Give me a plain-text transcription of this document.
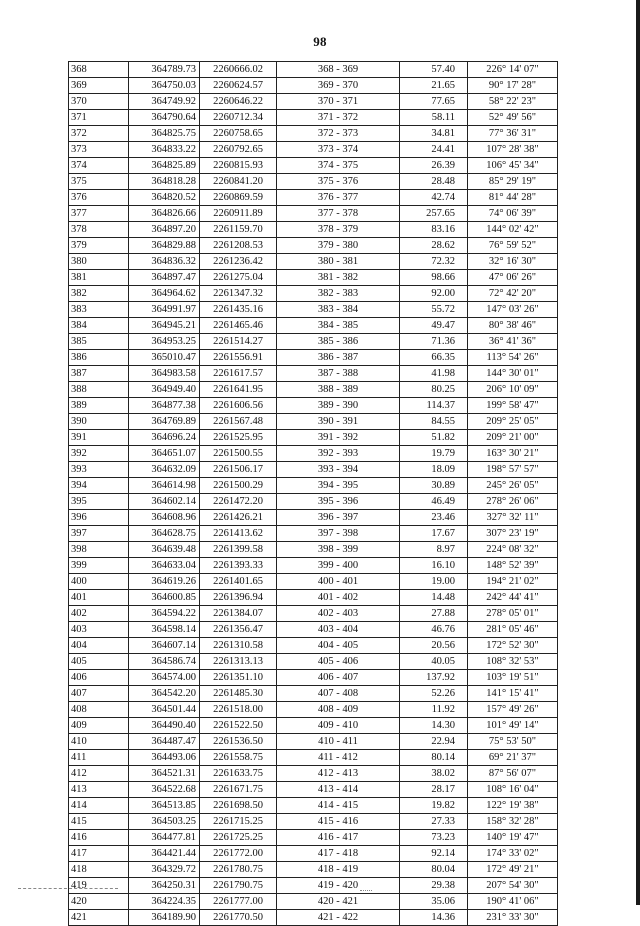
98
368	364789.73	2260666.02	368 - 369	57.40	226° 14' 07"
369	364750.03	2260624.57	369 - 370	21.65	90° 17' 28"
370	364749.92	2260646.22	370 - 371	77.65	58° 22' 23"
371	364790.64	2260712.34	371 - 372	58.11	52° 49' 56"
372	364825.75	2260758.65	372 - 373	34.81	77° 36' 31"
373	364833.22	2260792.65	373 - 374	24.41	107° 28' 38"
374	364825.89	2260815.93	374 - 375	26.39	106° 45' 34"
375	364818.28	2260841.20	375 - 376	28.48	85° 29' 19"
376	364820.52	2260869.59	376 - 377	42.74	81° 44' 28"
377	364826.66	2260911.89	377 - 378	257.65	74° 06' 39"
378	364897.20	2261159.70	378 - 379	83.16	144° 02' 42"
379	364829.88	2261208.53	379 - 380	28.62	76° 59' 52"
380	364836.32	2261236.42	380 - 381	72.32	32° 16' 30"
381	364897.47	2261275.04	381 - 382	98.66	47° 06' 26"
382	364964.62	2261347.32	382 - 383	92.00	72° 42' 20"
383	364991.97	2261435.16	383 - 384	55.72	147° 03' 26"
384	364945.21	2261465.46	384 - 385	49.47	80° 38' 46"
385	364953.25	2261514.27	385 - 386	71.36	36° 41' 36"
386	365010.47	2261556.91	386 - 387	66.35	113° 54' 26"
387	364983.58	2261617.57	387 - 388	41.98	144° 30' 01"
388	364949.40	2261641.95	388 - 389	80.25	206° 10' 09"
389	364877.38	2261606.56	389 - 390	114.37	199° 58' 47"
390	364769.89	2261567.48	390 - 391	84.55	209° 25' 05"
391	364696.24	2261525.95	391 - 392	51.82	209° 21' 00"
392	364651.07	2261500.55	392 - 393	19.79	163° 30' 21"
393	364632.09	2261506.17	393 - 394	18.09	198° 57' 57"
394	364614.98	2261500.29	394 - 395	30.89	245° 26' 05"
395	364602.14	2261472.20	395 - 396	46.49	278° 26' 06"
396	364608.96	2261426.21	396 - 397	23.46	327° 32' 11"
397	364628.75	2261413.62	397 - 398	17.67	307° 23' 19"
398	364639.48	2261399.58	398 - 399	8.97	224° 08' 32"
399	364633.04	2261393.33	399 - 400	16.10	148° 52' 39"
400	364619.26	2261401.65	400 - 401	19.00	194° 21' 02"
401	364600.85	2261396.94	401 - 402	14.48	242° 44' 41"
402	364594.22	2261384.07	402 - 403	27.88	278° 05' 01"
403	364598.14	2261356.47	403 - 404	46.76	281° 05' 46"
404	364607.14	2261310.58	404 - 405	20.56	172° 52' 30"
405	364586.74	2261313.13	405 - 406	40.05	108° 32' 53"
406	364574.00	2261351.10	406 - 407	137.92	103° 19' 51"
407	364542.20	2261485.30	407 - 408	52.26	141° 15' 41"
408	364501.44	2261518.00	408 - 409	11.92	157° 49' 26"
409	364490.40	2261522.50	409 - 410	14.30	101° 49' 14"
410	364487.47	2261536.50	410 - 411	22.94	75° 53' 50"
411	364493.06	2261558.75	411 - 412	80.14	69° 21' 37"
412	364521.31	2261633.75	412 - 413	38.02	87° 56' 07"
413	364522.68	2261671.75	413 - 414	28.17	108° 16' 04"
414	364513.85	2261698.50	414 - 415	19.82	122° 19' 38"
415	364503.25	2261715.25	415 - 416	27.33	158° 32' 28"
416	364477.81	2261725.25	416 - 417	73.23	140° 19' 47"
417	364421.44	2261772.00	417 - 418	92.14	174° 33' 02"
418	364329.72	2261780.75	418 - 419	80.04	172° 49' 21"
419	364250.31	2261790.75	419 - 420	29.38	207° 54' 30"
420	364224.35	2261777.00	420 - 421	35.06	190° 41' 06"
421	364189.90	2261770.50	421 - 422	14.36	231° 33' 30"
